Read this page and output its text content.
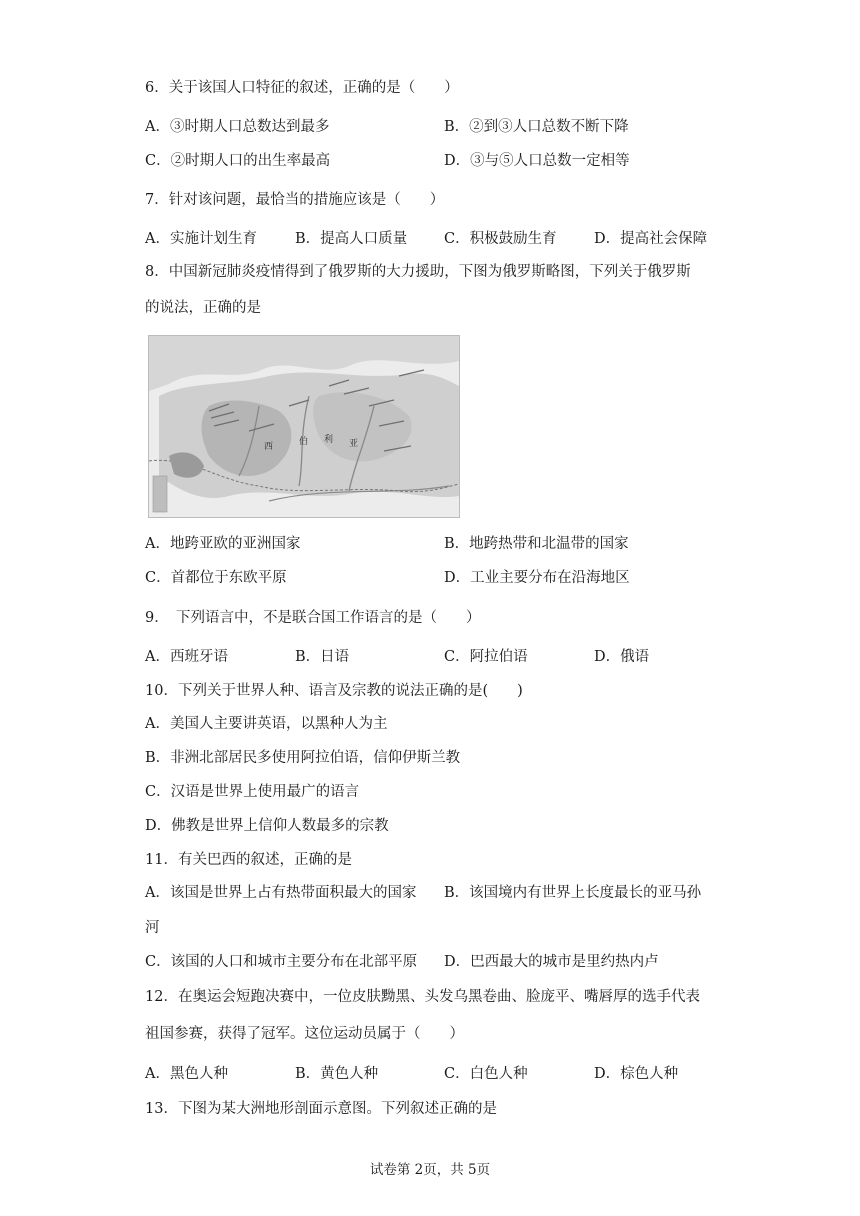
6．关于该国人口特征的叙述，正确的是（　　）
A．③时期人口总数达到最多	B．②到③人口总数不断下降
C．②时期人口的出生率最高	D．③与⑤人口总数一定相等
7．针对该问题，最恰当的措施应该是（　　）
A．实施计划生育	B．提高人口质量	C．积极鼓励生育	D．提高社会保障
8．中国新冠肺炎疫情得到了俄罗斯的大力援助，下图为俄罗斯略图，下列关于俄罗斯
的说法，正确的是
西	伯 利 亚
A．地跨亚欧的亚洲国家	B．地跨热带和北温带的国家
C．首都位于东欧平原	D．工业主要分布在沿海地区
9．　下列语言中，不是联合国工作语言的是（　　）
A．西班牙语	B．日语	C．阿拉伯语	D．俄语
10．下列关于世界人种、语言及宗教的说法正确的是(　　)
A．美国人主要讲英语，以黑种人为主
B．非洲北部居民多使用阿拉伯语，信仰伊斯兰教
C．汉语是世界上使用最广的语言
D．佛教是世界上信仰人数最多的宗教
11．有关巴西的叙述，正确的是
A．该国是世界上占有热带面积最大的国家 B．该国境内有世界上长度最长的亚马孙
河
C．该国的人口和城市主要分布在北部平原 D．巴西最大的城市是里约热内卢
12．在奥运会短跑决赛中，一位皮肤黝黑、头发乌黑卷曲、脸庞平、嘴唇厚的选手代表
祖国参赛，获得了冠军。这位运动员属于（　　）
A．黑色人种	B．黄色人种	C．白色人种	D．棕色人种
13．下图为某大洲地形剖面示意图。下列叙述正确的是
试卷第 2页，共 5页
